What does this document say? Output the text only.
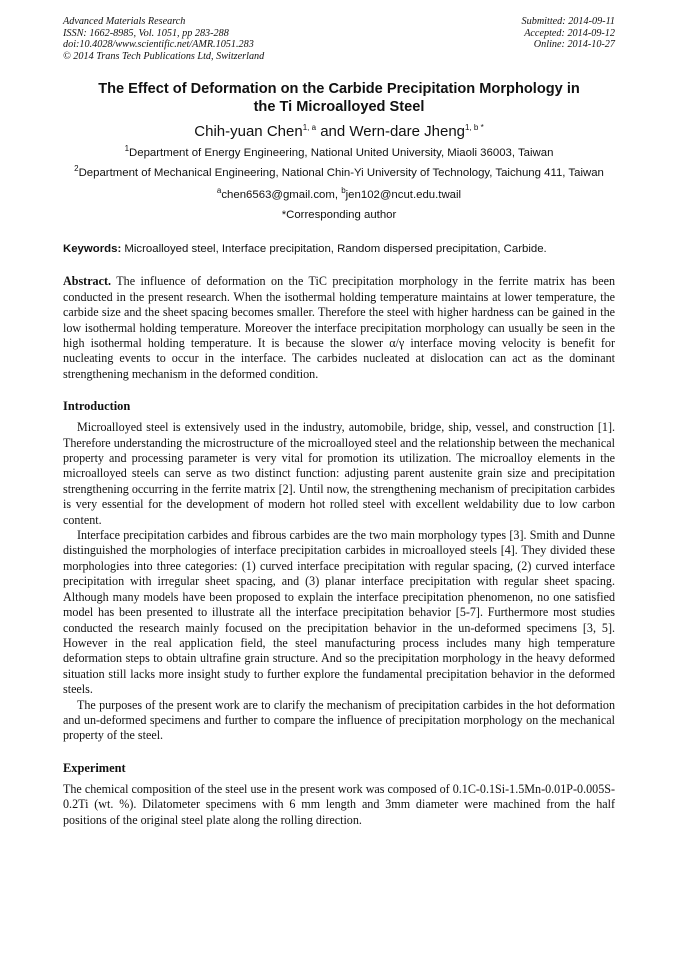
Advanced Materials Research
ISSN: 1662-8985, Vol. 1051, pp 283-288
doi:10.4028/www.scientific.net/AMR.1051.283
© 2014 Trans Tech Publications Ltd, Switzerland
Submitted: 2014-09-11
Accepted: 2014-09-12
Online: 2014-10-27
The Effect of Deformation on the Carbide Precipitation Morphology in
the Ti Microalloyed Steel
Chih-yuan Chen$^{1, a}$ and Wern-dare Jheng$^{1, b *}$
$^1$Department of Energy Engineering, National United University, Miaoli 36003, Taiwan
$^2$Department of Mechanical Engineering, National Chin-Yi University of Technology, Taichung 411, Taiwan
$^a$chen6563@gmail.com, $^b$jen102@ncut.edu.twail
*Corresponding author
Keywords: Microalloyed steel, Interface precipitation, Random dispersed precipitation, Carbide.

Abstract. The influence of deformation on the TiC precipitation morphology in the ferrite matrix has been conducted in the present research. When the isothermal holding temperature maintains at lower temperature, the carbide size and the sheet spacing becomes smaller. Therefore the steel with higher hardness can be gained in the low isothermal holding temperature. Moreover the interface precipitation morphology can usually be seen in the high isothermal holding temperature. It is because the slower α/γ interface moving velocity is benefit for nucleating events to occur in the interface. The carbides nucleated at dislocation can act as the dominant strengthening mechanism in the deformed condition.

Introduction

Microalloyed steel is extensively used in the industry, automobile, bridge, ship, vessel, and construction [1]. Therefore understanding the microstructure of the microalloyed steel and the relationship between the mechanical property and processing parameter is very vital for promotion its utilization. The microalloy elements in the microalloyed steels can serve as two distinct function: adjusting parent austenite grain size and precipitation strengthening occurring in the ferrite matrix [2]. Until now, the strengthening mechanism of precipitation carbides is very essential for the development of modern hot rolled steel with excellent weldability due to low carbon content.

Interface precipitation carbides and fibrous carbides are the two main morphology types [3]. Smith and Dunne distinguished the morphologies of interface precipitation carbides in microalloyed steels [4]. They divided these morphologies into three categories: (1) curved interface precipitation with regular spacing, (2) curved interface precipitation with irregular sheet spacing, and (3) planar interface precipitation with regular sheet spacing. Although many models have been proposed to explain the interface precipitation phenomenon, no one satisfied model has been presented to illustrate all the interface precipitation behavior [5-7]. Furthermore most studies conducted the research mainly focused on the precipitation behavior in the un-deformed specimens [3, 5]. However in the real application field, the steel manufacturing process includes many high temperature deformation steps to obtain ultrafine grain structure. And so the precipitation morphology in the heavy deformed situation still lacks more insight study to further explore the fundamental precipitation behavior in the deformed steels.

The purposes of the present work are to clarify the mechanism of precipitation carbides in the hot deformation and un-deformed specimens and further to compare the influence of precipitation morphology on the mechanical property of the steel.

Experiment

The chemical composition of the steel use in the present work was composed of 0.1C-0.1Si-1.5Mn-0.01P-0.005S-0.2Ti (wt. %). Dilatometer specimens with 6 mm length and 3mm diameter were machined from the half positions of the original steel plate along the rolling direction.
